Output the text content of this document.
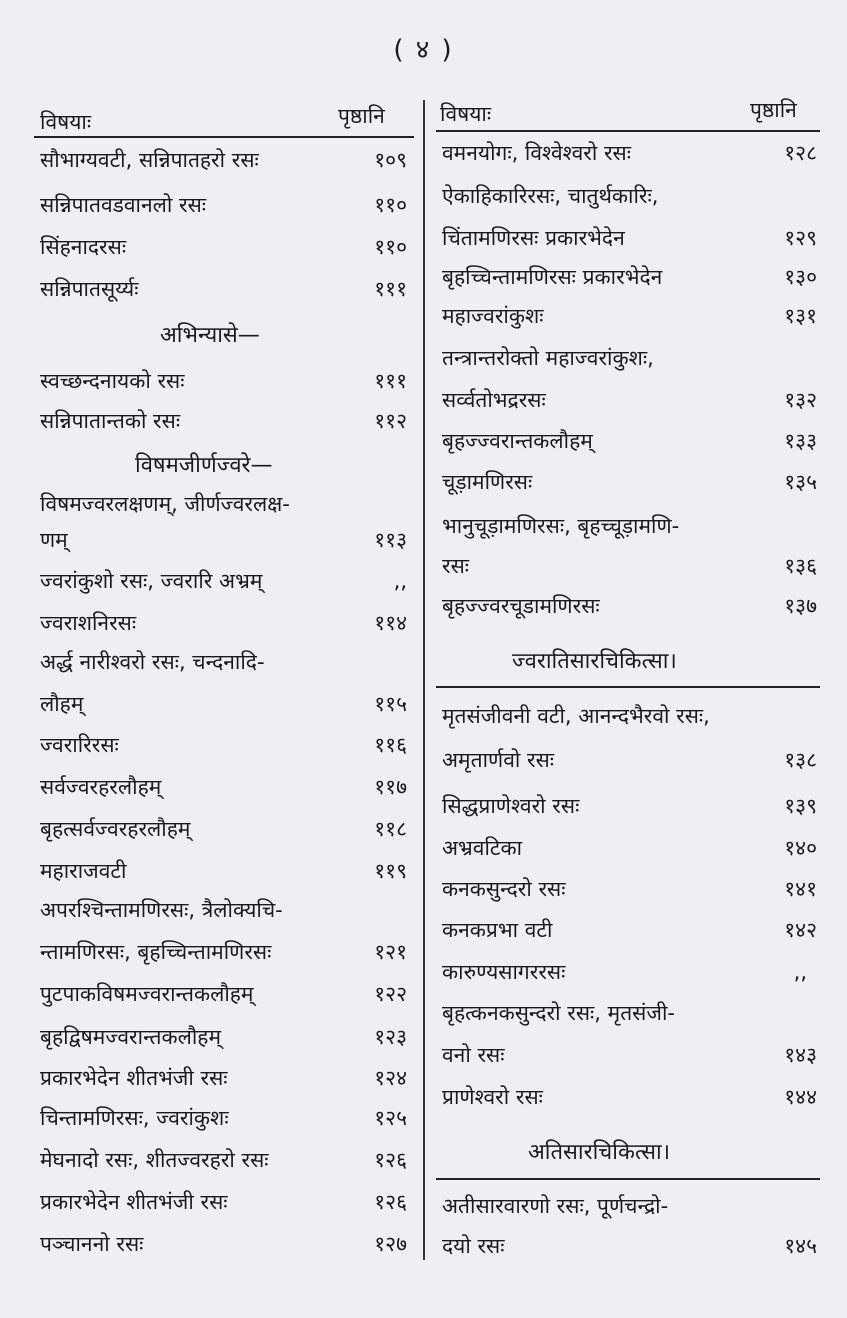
( ४ )
विषयाः	पृष्ठानि	विषयाः	पृष्ठानि
सौभाग्यवटी, सन्निपातहरो रसः	१०९
सन्निपातवडवानलो रसः	११०
सिंहनादरसः	११०
सन्निपातसूर्य्यः	१११
अभिन्यासे—
स्वच्छन्दनायको रसः	१११
सन्निपातान्तको रसः	११२
विषमजीर्णज्वरे—
विषमज्वरलक्षणम्, जीर्णज्वरलक्ष-
णम्	११३
ज्वरांकुशो रसः, ज्वरारि अभ्रम्	,,
ज्वराशनिरसः	११४
अर्द्ध नारीश्वरो रसः, चन्दनादि-
लौहम्	११५
ज्वरारिरसः	११६
सर्वज्वरहरलौहम्	११७
बृहत्सर्वज्वरहरलौहम्	११८
महाराजवटी	११९
अपरश्चिन्तामणिरसः, त्रैलोक्यचि-
न्तामणिरसः, बृहच्चिन्तामणिरसः	१२१
पुटपाकविषमज्वरान्तकलौहम्	१२२
बृहद्विषमज्वरान्तकलौहम्	१२३
प्रकारभेदेन शीतभंजी रसः	१२४
चिन्तामणिरसः, ज्वरांकुशः	१२५
मेघनादो रसः, शीतज्वरहरो रसः	१२६
प्रकारभेदेन शीतभंजी रसः	१२६
पञ्चाननो रसः	१२७
वमनयोगः, विश्वेश्वरो रसः	१२८
ऐकाहिकारिरसः, चातुर्थकारिः,
चिंतामणिरसः प्रकारभेदेन	१२९
बृहच्चिन्तामणिरसः प्रकारभेदेन	१३०
महाज्वरांकुशः	१३१
तन्त्रान्तरोक्तो महाज्वरांकुशः,
सर्व्वतोभद्ररसः	१३२
बृहज्ज्वरान्तकलौहम्	१३३
चूड़ामणिरसः	१३५
भानुचूड़ामणिरसः, बृहच्चूड़ामणि-
रसः	१३६
बृहज्ज्वरचूडामणिरसः	१३७
ज्वरातिसारचिकित्सा।
मृतसंजीवनी वटी, आनन्दभैरवो रसः,
अमृतार्णवो रसः	१३८
सिद्धप्राणेश्वरो रसः	१३९
अभ्रवटिका	१४०
कनकसुन्दरो रसः	१४१
कनकप्रभा वटी	१४२
कारुण्यसागररसः	,,
बृहत्कनकसुन्दरो रसः, मृतसंजी-
वनो रसः	१४३
प्राणेश्वरो रसः	१४४
अतिसारचिकित्सा।
अतीसारवारणो रसः, पूर्णचन्द्रो-
दयो रसः	१४५
